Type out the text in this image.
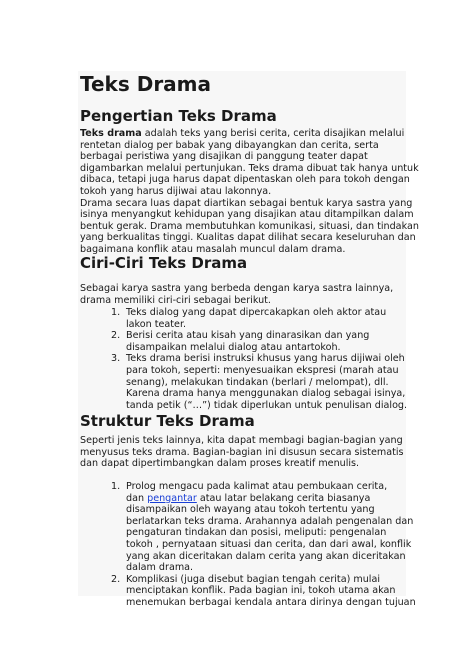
Teks Drama
Pengertian Teks Drama
Teks drama adalah teks yang berisi cerita, cerita disajikan melalui
rentetan dialog per babak yang dibayangkan dan cerita, serta
berbagai peristiwa yang disajikan di panggung teater dapat
digambarkan melalui pertunjukan. Teks drama dibuat tak hanya untuk
dibaca, tetapi juga harus dapat dipentaskan oleh para tokoh dengan
tokoh yang harus dijiwai atau lakonnya.
Drama secara luas dapat diartikan sebagai bentuk karya sastra yang
isinya menyangkut kehidupan yang disajikan atau ditampilkan dalam
bentuk gerak. Drama membutuhkan komunikasi, situasi, dan tindakan
yang berkualitas tinggi. Kualitas dapat dilihat secara keseluruhan dan
bagaimana konflik atau masalah muncul dalam drama.
Ciri-Ciri Teks Drama
Sebagai karya sastra yang berbeda dengan karya sastra lainnya,
drama memiliki ciri-ciri sebagai berikut.
1. Teks dialog yang dapat dipercakapkan oleh aktor atau
lakon teater.
2. Berisi cerita atau kisah yang dinarasikan dan yang
disampaikan melalui dialog atau antartokoh.
3. Teks drama berisi instruksi khusus yang harus dijiwai oleh
para tokoh, seperti: menyesuaikan ekspresi (marah atau
senang), melakukan tindakan (berlari / melompat), dll.
Karena drama hanya menggunakan dialog sebagai isinya,
tanda petik (“…”) tidak diperlukan untuk penulisan dialog.
Struktur Teks Drama
Seperti jenis teks lainnya, kita dapat membagi bagian-bagian yang
menyusus teks drama. Bagian-bagian ini disusun secara sistematis
dan dapat dipertimbangkan dalam proses kreatif menulis.
1. Prolog mengacu pada kalimat atau pembukaan cerita,
dan pengantar atau latar belakang cerita biasanya
disampaikan oleh wayang atau tokoh tertentu yang
berlatarkan teks drama. Arahannya adalah pengenalan dan
pengaturan tindakan dan posisi, meliputi: pengenalan
tokoh , pernyataan situasi dan cerita, dan dari awal, konflik
yang akan diceritakan dalam cerita yang akan diceritakan
dalam drama.
2. Komplikasi (juga disebut bagian tengah cerita) mulai
menciptakan konflik. Pada bagian ini, tokoh utama akan
menemukan berbagai kendala antara dirinya dengan tujuan
